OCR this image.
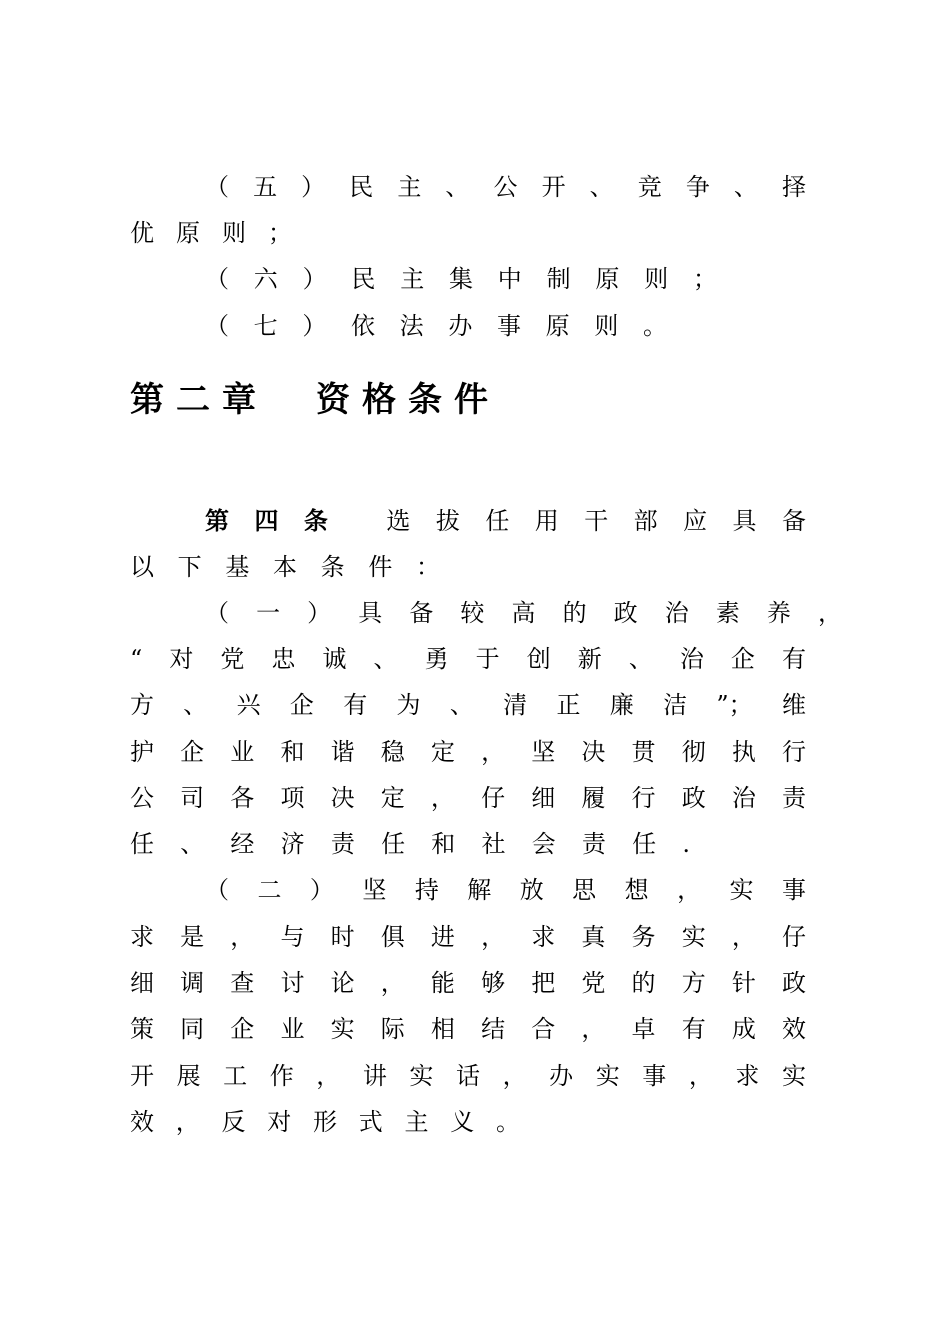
（五）民主、公开、竞争、择
优原则；
（六）民主集中制原则；
（七）依法办事原则。
第二章 资格条件
第四条 选拔任用干部应具备
以下基本条件：
（一）具备较高的政治素养，
“对党忠诚、勇于创新、治企有
方、兴企有为、清正廉洁”；维
护企业和谐稳定，坚决贯彻执行
公司各项决定，仔细履行政治责
任、经济责任和社会责任.
（二）坚持解放思想，实事
求是，与时俱进，求真务实，仔
细调查讨论，能够把党的方针政
策同企业实际相结合，卓有成效
开展工作，讲实话，办实事，求实
效，反对形式主义。
